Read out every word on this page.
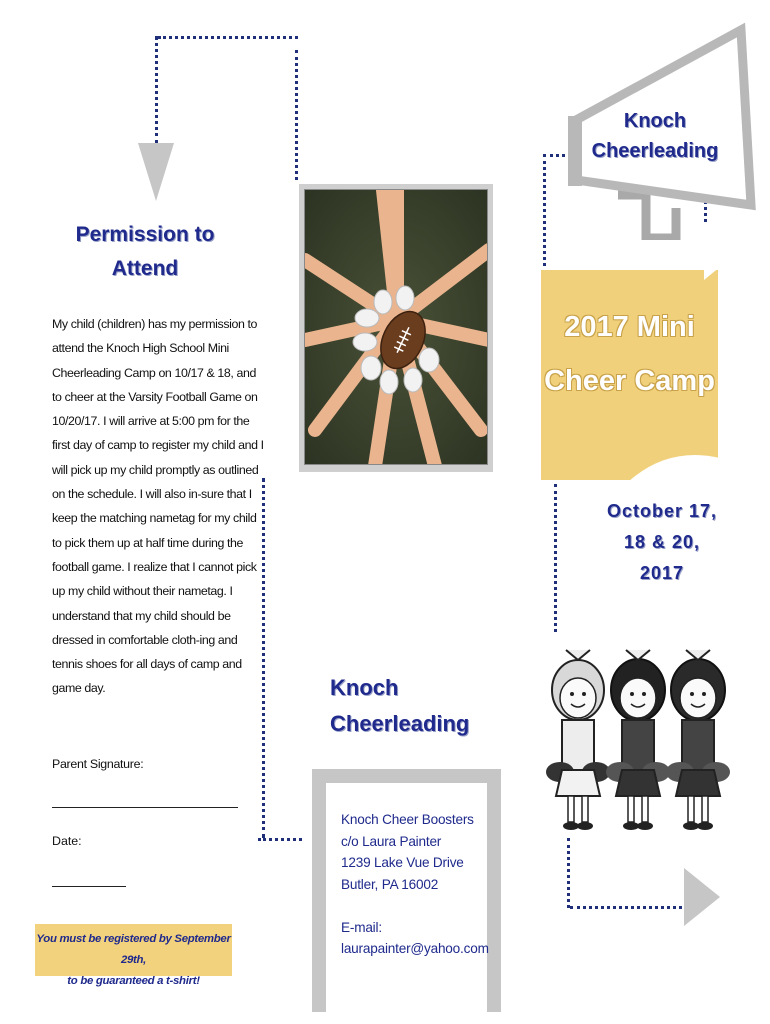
Permission to
Attend
My child (children) has my permission to attend the Knoch High School Mini Cheerleading Camp on 10/17 & 18, and to cheer at the Varsity Football Game on 10/20/17. I will arrive at 5:00 pm for the first day of camp to register my child and I will pick up my child promptly as outlined on the schedule. I will also in-sure that I keep the matching nametag for my child to pick them up at half time during the football game. I realize that I cannot pick up my child without their nametag. I understand that my child should be dressed in comfortable cloth-ing and tennis shoes for all days of camp and game day.
Parent Signature:
Date:
You must be registered by September 29th,
to be guaranteed a t-shirt!
Knoch
Cheerleading
Knoch Cheer Boosters
c/o Laura Painter
1239 Lake Vue Drive
Butler, PA 16002
E-mail:
laurapainter@yahoo.com
Knoch
Cheerleading
2017 Mini
Cheer Camp
October 17,
18 & 20,
2017
